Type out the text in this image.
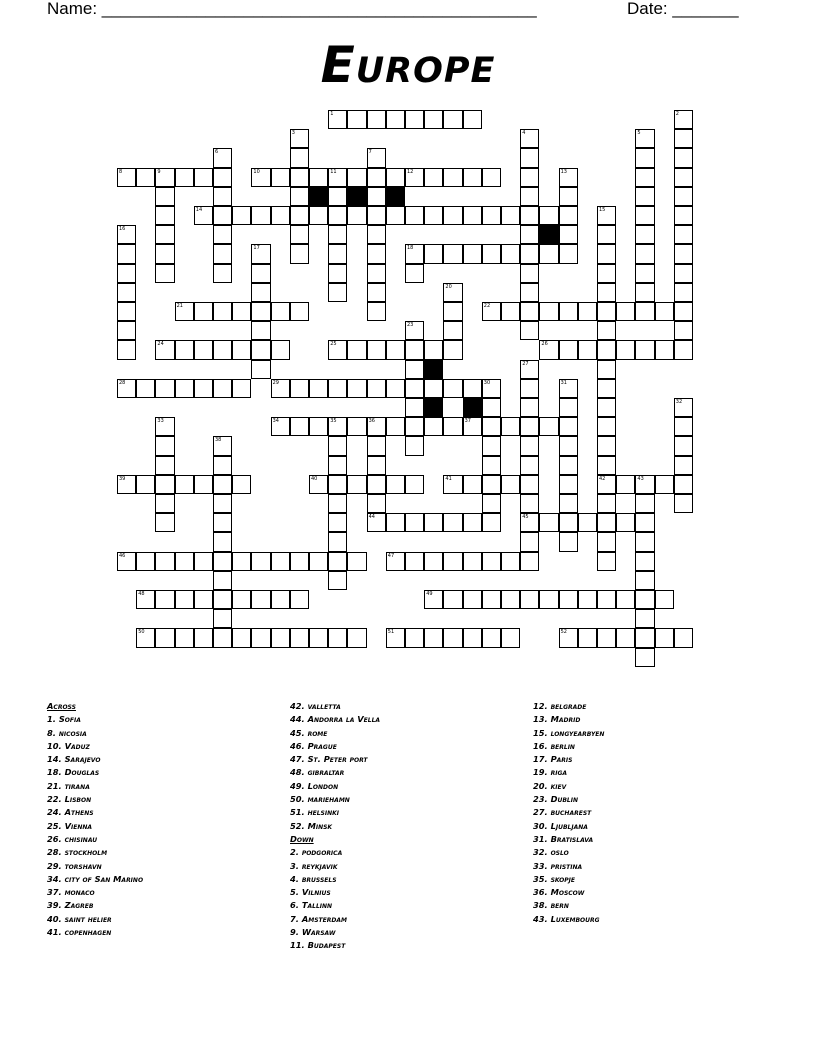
Name: ______________________________________________	Date: _______
Europe
1
8	10	12
14
18
21	22
24	25	26
28	29
34	37
39	40	41	42
44	45
46	47
48	49
50	51	52
2
3	4	5
6	7
9	11	13
15
16
17
20
23
27
30	31
32
33	35	36
38
43
Across
1. Sofia
8. nicosia
10. Vaduz
14. Sarajevo
18. Douglas
21. tirana
22. Lisbon
24. Athens
25. Vienna
26. chisinau
28. stockholm
29. torshavn
34. city of San Marino
37. monaco
39. Zagreb
40. saint helier
41. copenhagen
42. valletta
44. Andorra la Vella
45. rome
46. Prague
47. St. Peter port
48. gibraltar
49. London
50. mariehamn
51. helsinki
52. Minsk
Down
2. podgorica
3. reykjavik
4. brussels
5. Vilnius
6. Tallinn
7. Amsterdam
9. Warsaw
11. Budapest
12. belgrade
13. Madrid
15. longyearbyen
16. berlin
17. Paris
19. riga
20. kiev
23. Dublin
27. bucharest
30. Ljubljana
31. Bratislava
32. oslo
33. pristina
35. skopje
36. Moscow
38. bern
43. Luxembourg
